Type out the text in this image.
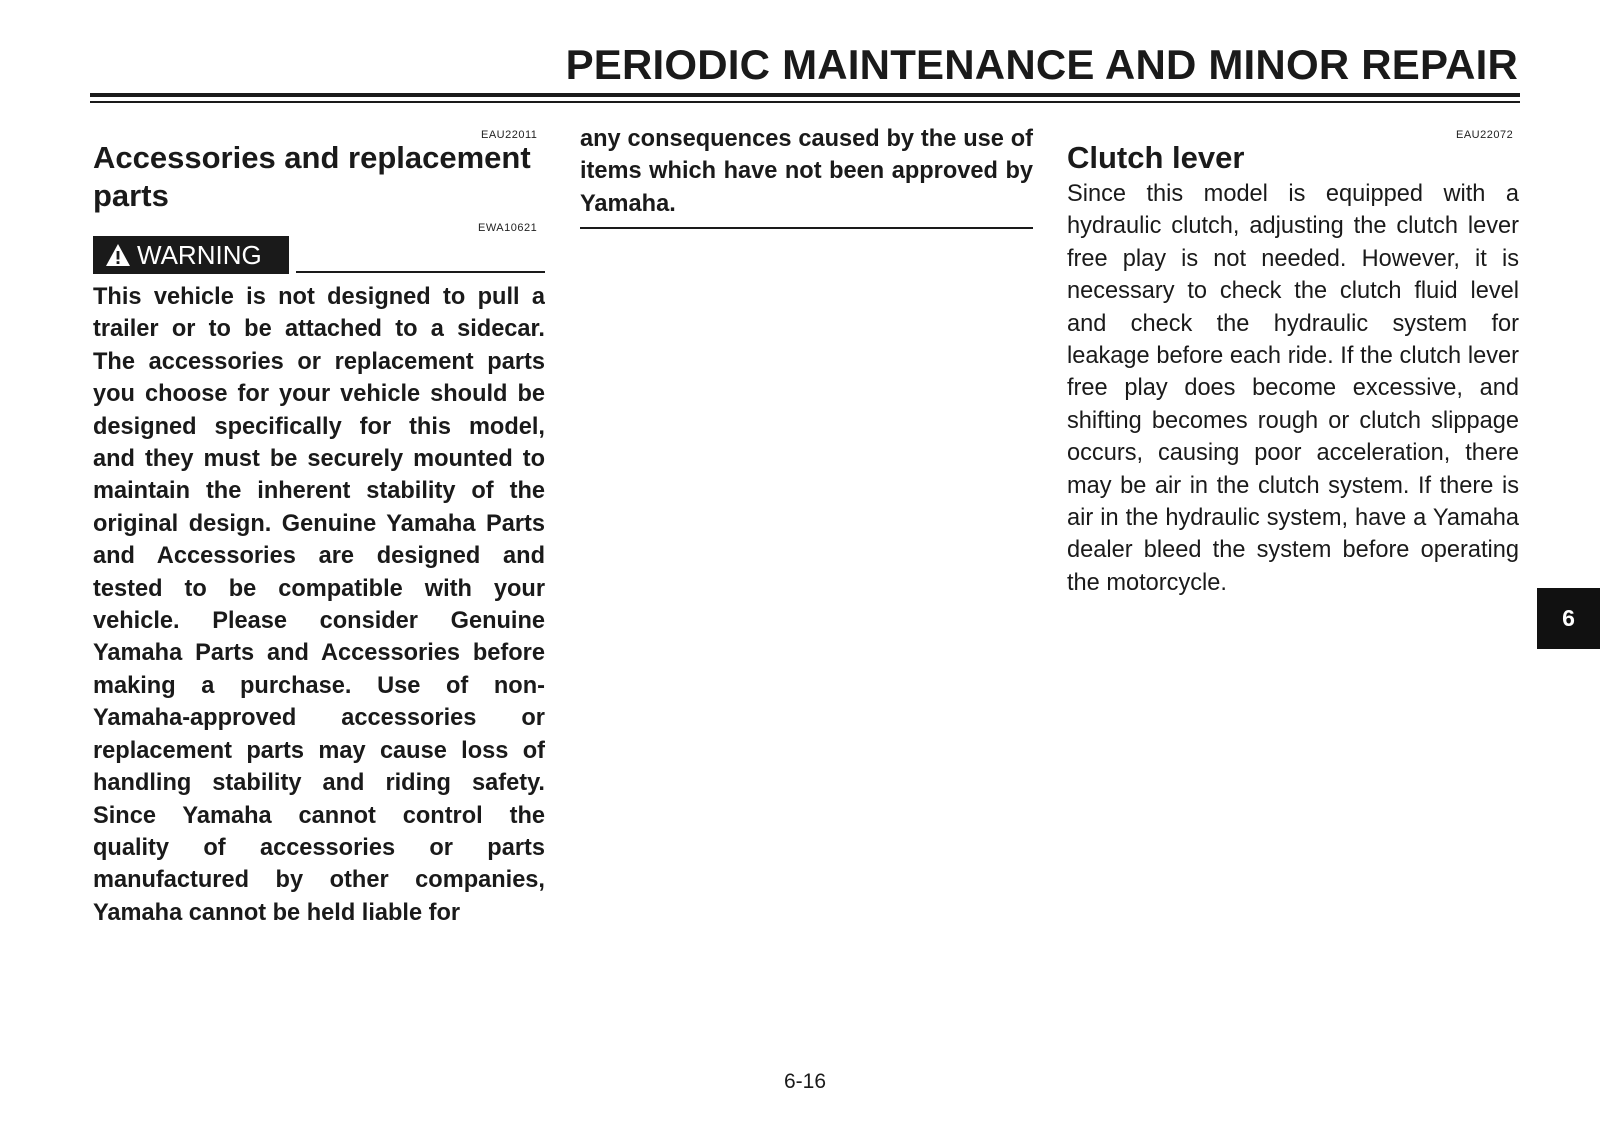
PERIODIC MAINTENANCE AND MINOR REPAIR
EAU22011
Accessories and replacement
parts
EWA10621
WARNING

This vehicle is not designed to pull a trailer or to be attached to a sidecar. The accessories or replacement parts you choose for your vehicle should be designed specifically for this model, and they must be securely mounted to maintain the inherent stability of the original design. Genuine Yamaha Parts and Accessories are designed and tested to be compatible with your vehicle. Please consider Genuine Yamaha Parts and Accessories before making a purchase. Use of non-Yamaha-approved accessories or replacement parts may cause loss of handling stability and riding safety. Since Yamaha cannot control the quality of accessories or parts manufactured by other companies, Yamaha cannot be held liable for

any consequences caused by the use of items which have not been approved by Yamaha.

EAU22072
Clutch lever

Since this model is equipped with a hydraulic clutch, adjusting the clutch lever free play is not needed. However, it is necessary to check the clutch fluid level and check the hydraulic system for leakage before each ride. If the clutch lever free play does become excessive, and shifting becomes rough or clutch slippage occurs, causing poor acceleration, there may be air in the clutch system. If there is air in the hydraulic system, have a Yamaha dealer bleed the system before operating the motorcycle.

6
6-16
